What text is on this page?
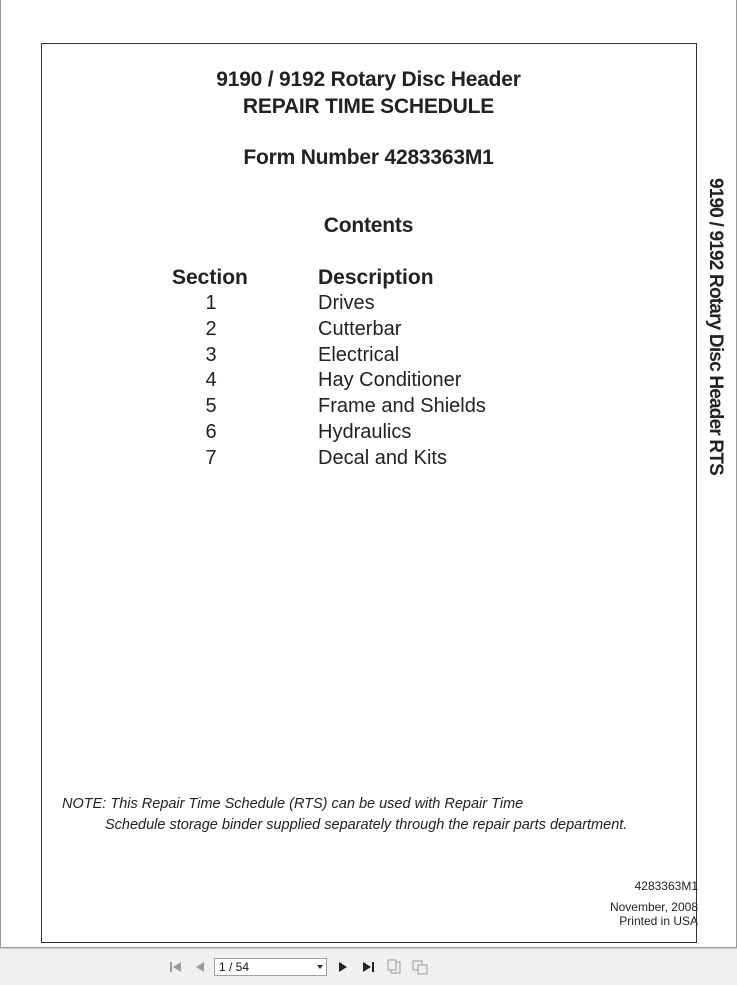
9190 / 9192 Rotary Disc Header
REPAIR TIME SCHEDULE
Form Number 4283363M1
Contents
Section	Description
1	Drives
2	Cutterbar
3	Electrical
4	Hay Conditioner
5	Frame and Shields
6	Hydraulics
7	Decal and Kits
NOTE: This Repair Time Schedule (RTS) can be used with Repair Time
Schedule storage binder supplied separately through the repair parts department.
4283363M1
November, 2008
Printed in USA
9190 / 9192 Rotary Disc Header RTS
1 / 54
